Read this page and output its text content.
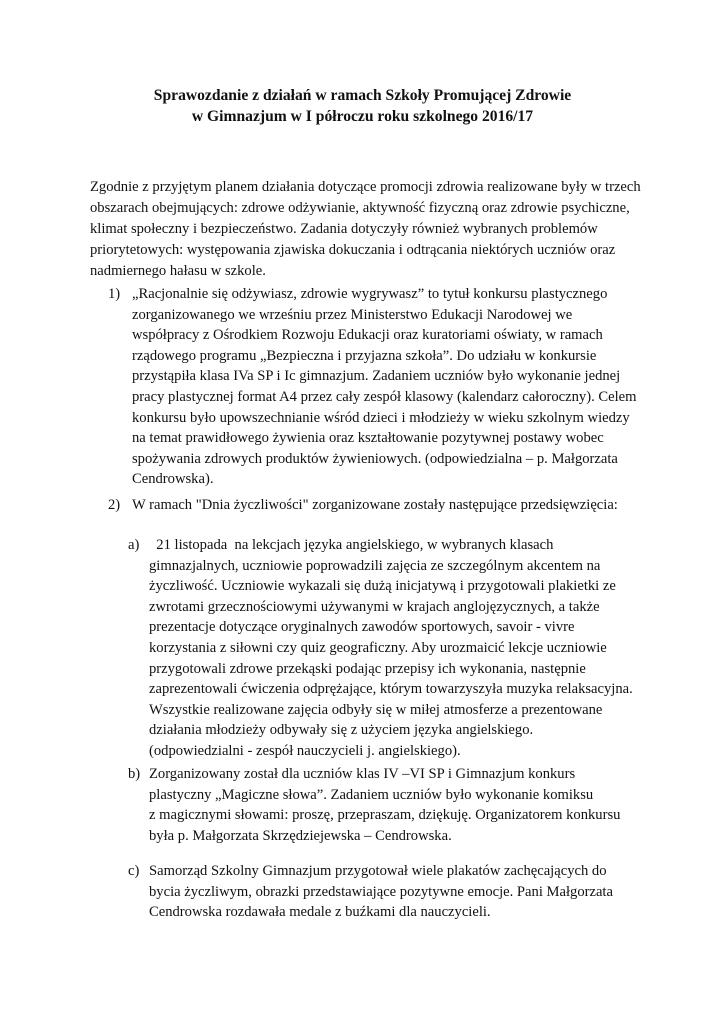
Sprawozdanie z działań w ramach Szkoły Promującej Zdrowie
w Gimnazjum w I półroczu roku szkolnego 2016/17
Zgodnie z przyjętym planem działania dotyczące promocji zdrowia realizowane były w trzech
obszarach obejmujących: zdrowe odżywianie, aktywność fizyczną oraz zdrowie psychiczne,
klimat społeczny i bezpieczeństwo. Zadania dotyczyły również wybranych problemów
priorytetowych: występowania zjawiska dokuczania i odtrącania niektórych uczniów oraz
nadmiernego hałasu w szkole.
1) „Racjonalnie się odżywiasz, zdrowie wygrywasz” to tytuł konkursu plastycznego
zorganizowanego we wrześniu przez Ministerstwo Edukacji Narodowej we
współpracy z Ośrodkiem Rozwoju Edukacji oraz kuratoriami oświaty, w ramach
rządowego programu „Bezpieczna i przyjazna szkoła”. Do udziału w konkursie
przystąpiła klasa IVa SP i Ic gimnazjum. Zadaniem uczniów było wykonanie jednej
pracy plastycznej format A4 przez cały zespół klasowy (kalendarz całoroczny). Celem
konkursu było upowszechnianie wśród dzieci i młodzieży w wieku szkolnym wiedzy
na temat prawidłowego żywienia oraz kształtowanie pozytywnej postawy wobec
spożywania zdrowych produktów żywieniowych. (odpowiedzialna – p. Małgorzata
Cendrowska).
2) W ramach "Dnia życzliwości" zorganizowane zostały następujące przedsięwzięcia:
a) 21 listopada  na lekcjach języka angielskiego, w wybranych klasach
gimnazjalnych, uczniowie poprowadzili zajęcia ze szczególnym akcentem na
życzliwość. Uczniowie wykazali się dużą inicjatywą i przygotowali plakietki ze
zwrotami grzecznościowymi używanymi w krajach anglojęzycznych, a także
prezentacje dotyczące oryginalnych zawodów sportowych, savoir - vivre
korzystania z siłowni czy quiz geograficzny. Aby urozmaicić lekcje uczniowie
przygotowali zdrowe przekąski podając przepisy ich wykonania, następnie
zaprezentowali ćwiczenia odprężające, którym towarzyszyła muzyka relaksacyjna.
Wszystkie realizowane zajęcia odbyły się w miłej atmosferze a prezentowane
działania młodzieży odbywały się z użyciem języka angielskiego.
(odpowiedzialni - zespół nauczycieli j. angielskiego).
b) Zorganizowany został dla uczniów klas IV –VI SP i Gimnazjum konkurs
plastyczny „Magiczne słowa”. Zadaniem uczniów było wykonanie komiksu
z magicznymi słowami: proszę, przepraszam, dziękuję. Organizatorem konkursu
była p. Małgorzata Skrzędziejewska – Cendrowska.
c) Samorząd Szkolny Gimnazjum przygotował wiele plakatów zachęcających do
bycia życzliwym, obrazki przedstawiające pozytywne emocje. Pani Małgorzata
Cendrowska rozdawała medale z buźkami dla nauczycieli.
